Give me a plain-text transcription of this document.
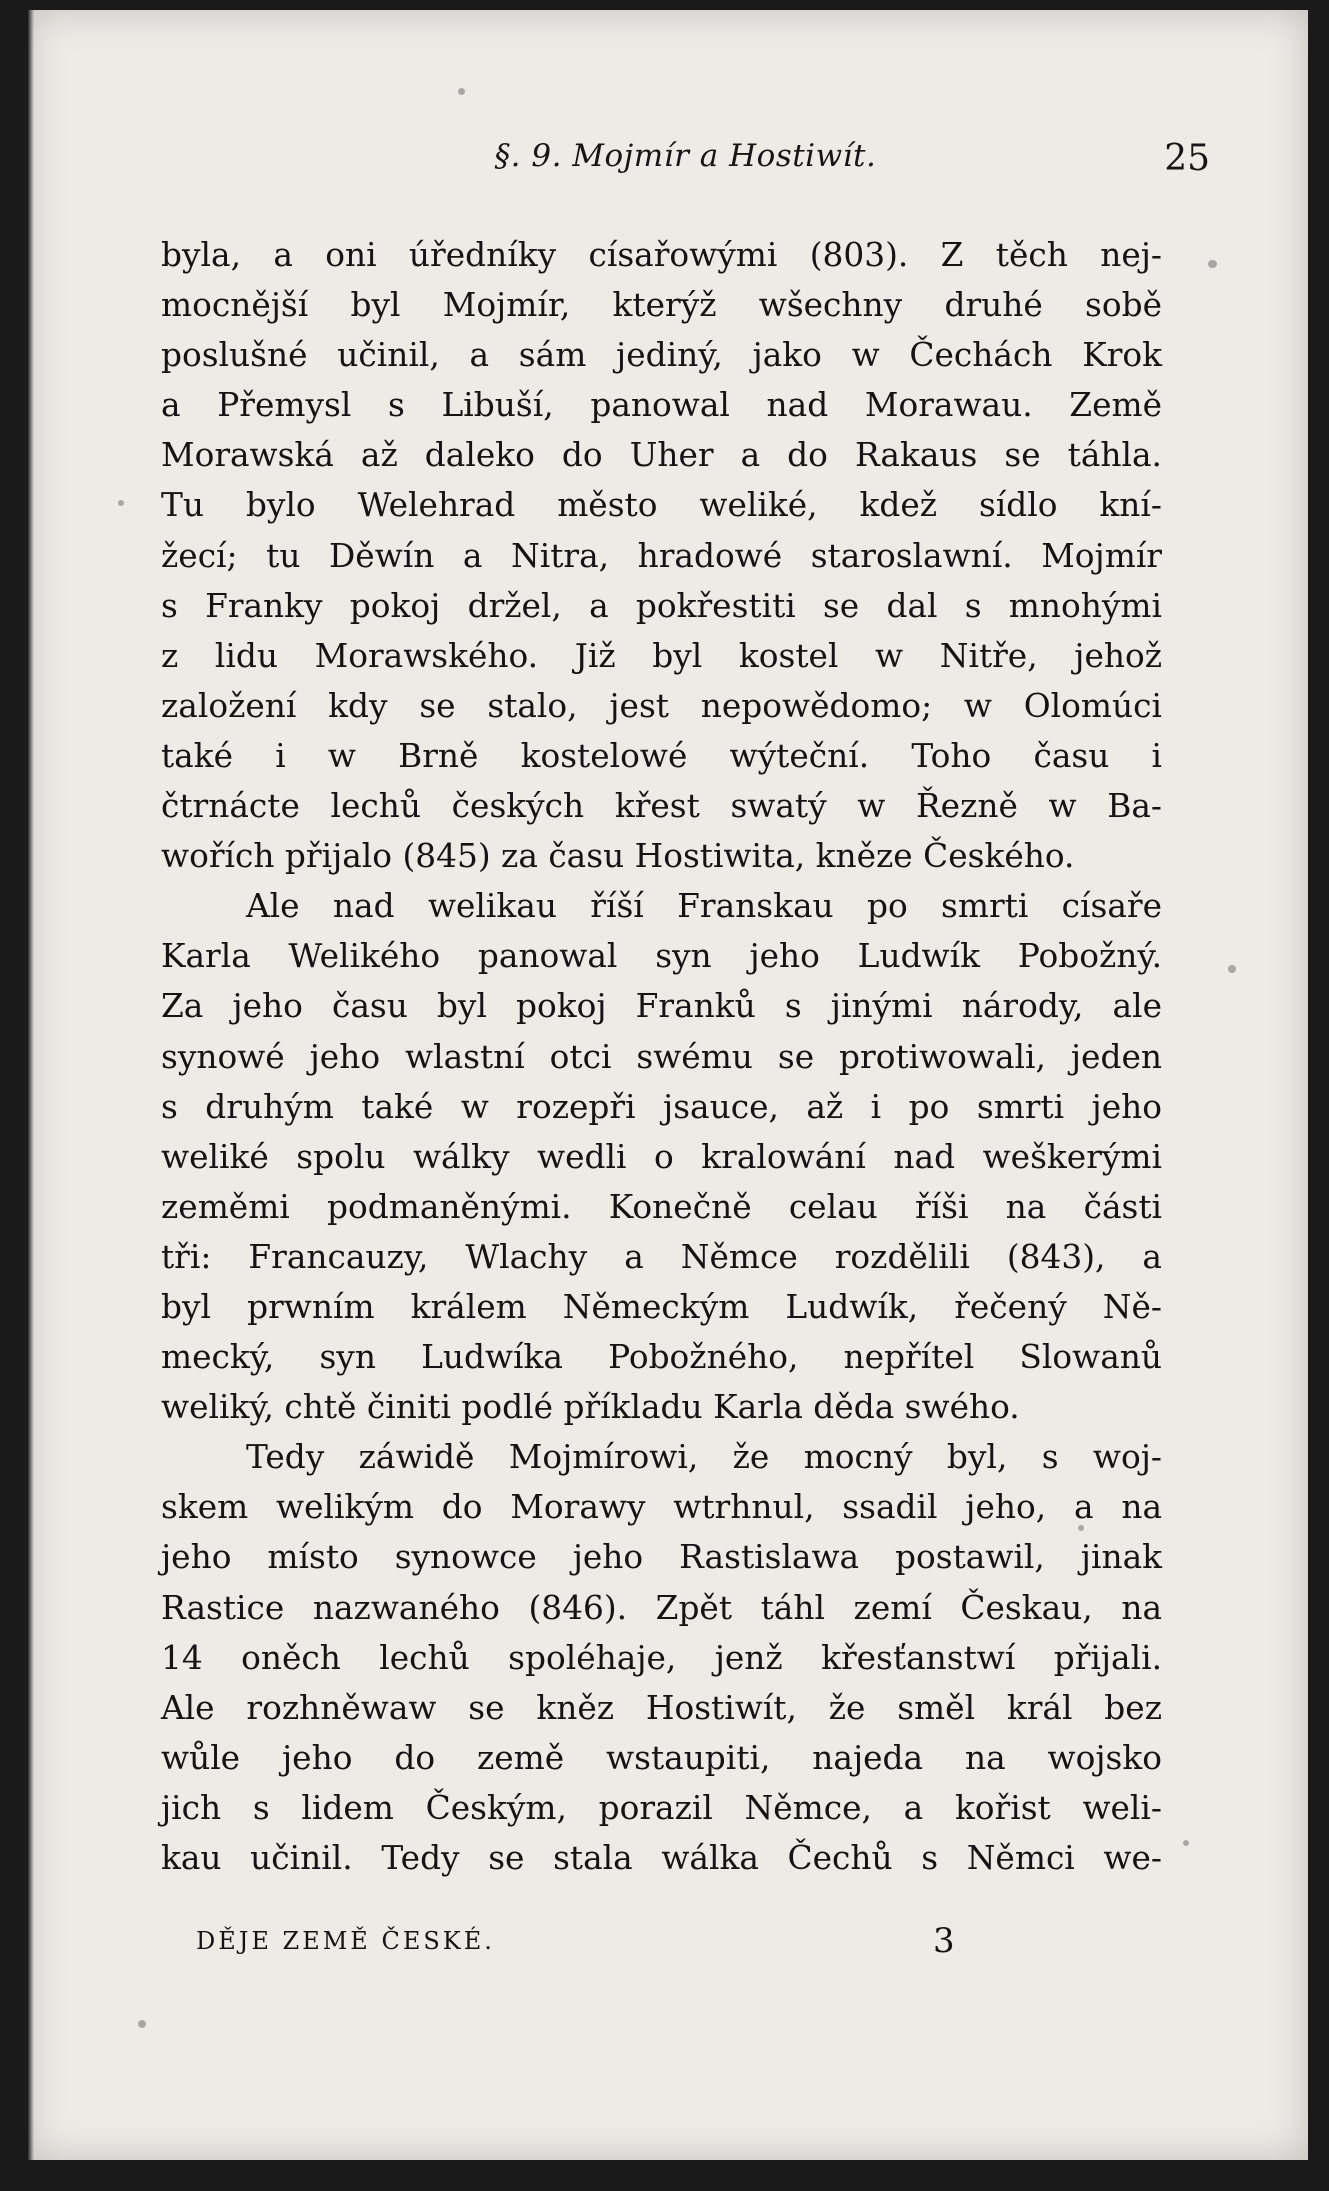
§. 9. Mojmír a Hostiwít.	25
byla, a oni úředníky císařowými (803). Z těch nej-
mocnější byl Mojmír, kterýž wšechny druhé sobě
poslušné učinil, a sám jediný, jako w Čechách Krok
a Přemysl s Libuší, panowal nad Morawau. Země
Morawská až daleko do Uher a do Rakaus se táhla.
Tu bylo Welehrad město weliké, kdež sídlo kní-
žecí; tu Děwín a Nitra, hradowé staroslawní. Mojmír
s Franky pokoj držel, a pokřestiti se dal s mnohými
z lidu Morawského. Již byl kostel w Nitře, jehož
založení kdy se stalo, jest nepowědomo; w Olomúci
také i w Brně kostelowé wýteční. Toho času i
čtrnácte lechů českých křest swatý w Řezně w Ba-
wořích přijalo (845) za času Hostiwita, kněze Českého.
Ale nad welikau říší Franskau po smrti císaře
Karla Welikého panowal syn jeho Ludwík Pobožný.
Za jeho času byl pokoj Franků s jinými národy, ale
synowé jeho wlastní otci swému se protiwowali, jeden
s druhým také w rozepři jsauce, až i po smrti jeho
weliké spolu wálky wedli o kralowání nad weškerými
zeměmi podmaněnými. Konečně celau říši na části
tři: Francauzy, Wlachy a Němce rozdělili (843), a
byl prwním králem Německým Ludwík, řečený Ně-
mecký, syn Ludwíka Pobožného, nepřítel Slowanů
weliký, chtě činiti podlé příkladu Karla děda swého.
Tedy záwidě Mojmírowi, že mocný byl, s woj-
skem welikým do Morawy wtrhnul, ssadil jeho, a na
jeho místo synowce jeho Rastislawa postawil, jinak
Rastice nazwaného (846). Zpět táhl zemí Českau, na
14 oněch lechů spoléhaje, jenž křesťanstwí přijali.
Ale rozhněwaw se kněz Hostiwít, že směl král bez
wůle jeho do země wstaupiti, najeda na wojsko
jich s lidem Českým, porazil Němce, a kořist weli-
kau učinil. Tedy se stala wálka Čechů s Němci we-
DĚJE ZEMĚ ČESKÉ.	3
